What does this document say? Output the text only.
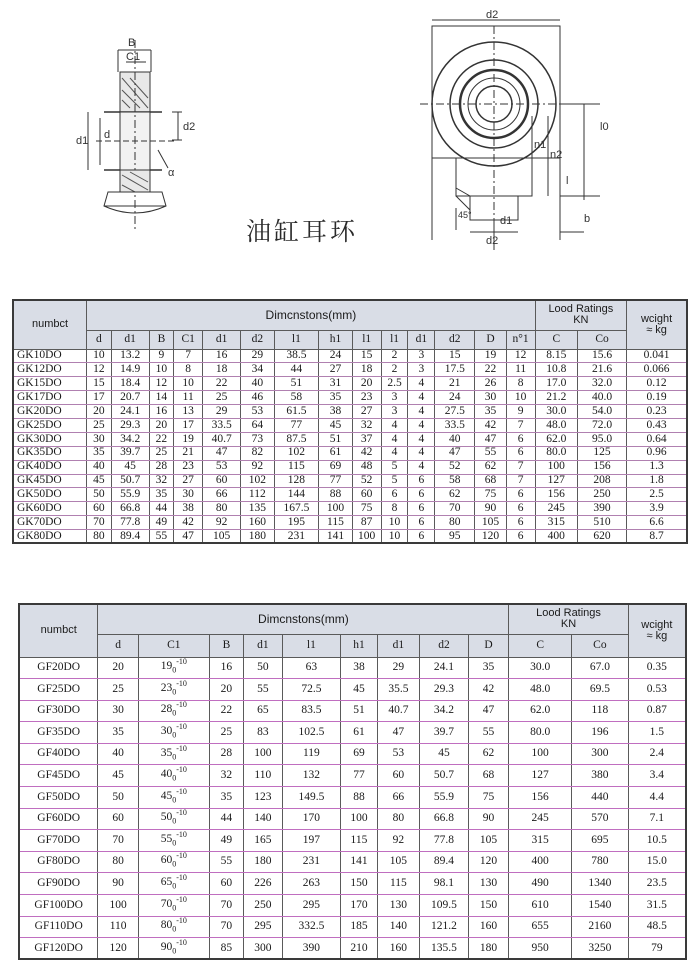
B
C1
d1 d
d2
α
d2
l0
n1
n2
l
b
45°	d1
d2
油缸耳环
numbct	Dimcnstons(mm)														Lood Ratings
KN		wcight
≈ kg
	d	d1	B	C1	d1	d2	l1	h1	l1	l1	d1	d2	D	n°1	C	Co	
GK10DO	10	13.2	9	7	16	29	38.5	24	15	2	3	15	19	12	8.15	15.6	0.041
GK12DO	12	14.9	10	8	18	34	44	27	18	2	3	17.5	22	11	10.8	21.6	0.066
GK15DO	15	18.4	12	10	22	40	51	31	20	2.5	4	21	26	8	17.0	32.0	0.12
GK17DO	17	20.7	14	11	25	46	58	35	23	3	4	24	30	10	21.2	40.0	0.19
GK20DO	20	24.1	16	13	29	53	61.5	38	27	3	4	27.5	35	9	30.0	54.0	0.23
GK25DO	25	29.3	20	17	33.5	64	77	45	32	4	4	33.5	42	7	48.0	72.0	0.43
GK30DO	30	34.2	22	19	40.7	73	87.5	51	37	4	4	40	47	6	62.0	95.0	0.64
GK35DO	35	39.7	25	21	47	82	102	61	42	4	4	47	55	6	80.0	125	0.96
GK40DO	40	45	28	23	53	92	115	69	48	5	4	52	62	7	100	156	1.3
GK45DO	45	50.7	32	27	60	102	128	77	52	5	6	58	68	7	127	208	1.8
GK50DO	50	55.9	35	30	66	112	144	88	60	6	6	62	75	6	156	250	2.5
GK60DO	60	66.8	44	38	80	135	167.5	100	75	8	6	70	90	6	245	390	3.9
GK70DO	70	77.8	49	42	92	160	195	115	87	10	6	80	105	6	315	510	6.6
GK80DO	80	89.4	55	47	105	180	231	141	100	10	6	95	120	6	400	620	8.7
numbct	Dimcnstons(mm)									Lood Ratings
KN		wcight
≈ kg
	d	C1	B	d1	l1	h1	d1	d2	D	C	Co	
GF20DO	20	$19_0^{-10}$	16	50	63	38	29	24.1	35	30.0	67.0	0.35
GF25DO	25	$23_0^{-10}$	20	55	72.5	45	35.5	29.3	42	48.0	69.5	0.53
GF30DO	30	$28_0^{-10}$	22	65	83.5	51	40.7	34.2	47	62.0	118	0.87
GF35DO	35	$30_0^{-10}$	25	83	102.5	61	47	39.7	55	80.0	196	1.5
GF40DO	40	$35_0^{-10}$	28	100	119	69	53	45	62	100	300	2.4
GF45DO	45	$40_0^{-10}$	32	110	132	77	60	50.7	68	127	380	3.4
GF50DO	50	$45_0^{-10}$	35	123	149.5	88	66	55.9	75	156	440	4.4
GF60DO	60	$50_0^{-10}$	44	140	170	100	80	66.8	90	245	570	7.1
GF70DO	70	$55_0^{-10}$	49	165	197	115	92	77.8	105	315	695	10.5
GF80DO	80	$60_0^{-10}$	55	180	231	141	105	89.4	120	400	780	15.0
GF90DO	90	$65_0^{-10}$	60	226	263	150	115	98.1	130	490	1340	23.5
GF100DO	100	$70_0^{-10}$	70	250	295	170	130	109.5	150	610	1540	31.5
GF110DO	110	$80_0^{-10}$	70	295	332.5	185	140	121.2	160	655	2160	48.5
GF120DO	120	$90_0^{-10}$	85	300	390	210	160	135.5	180	950	3250	79
